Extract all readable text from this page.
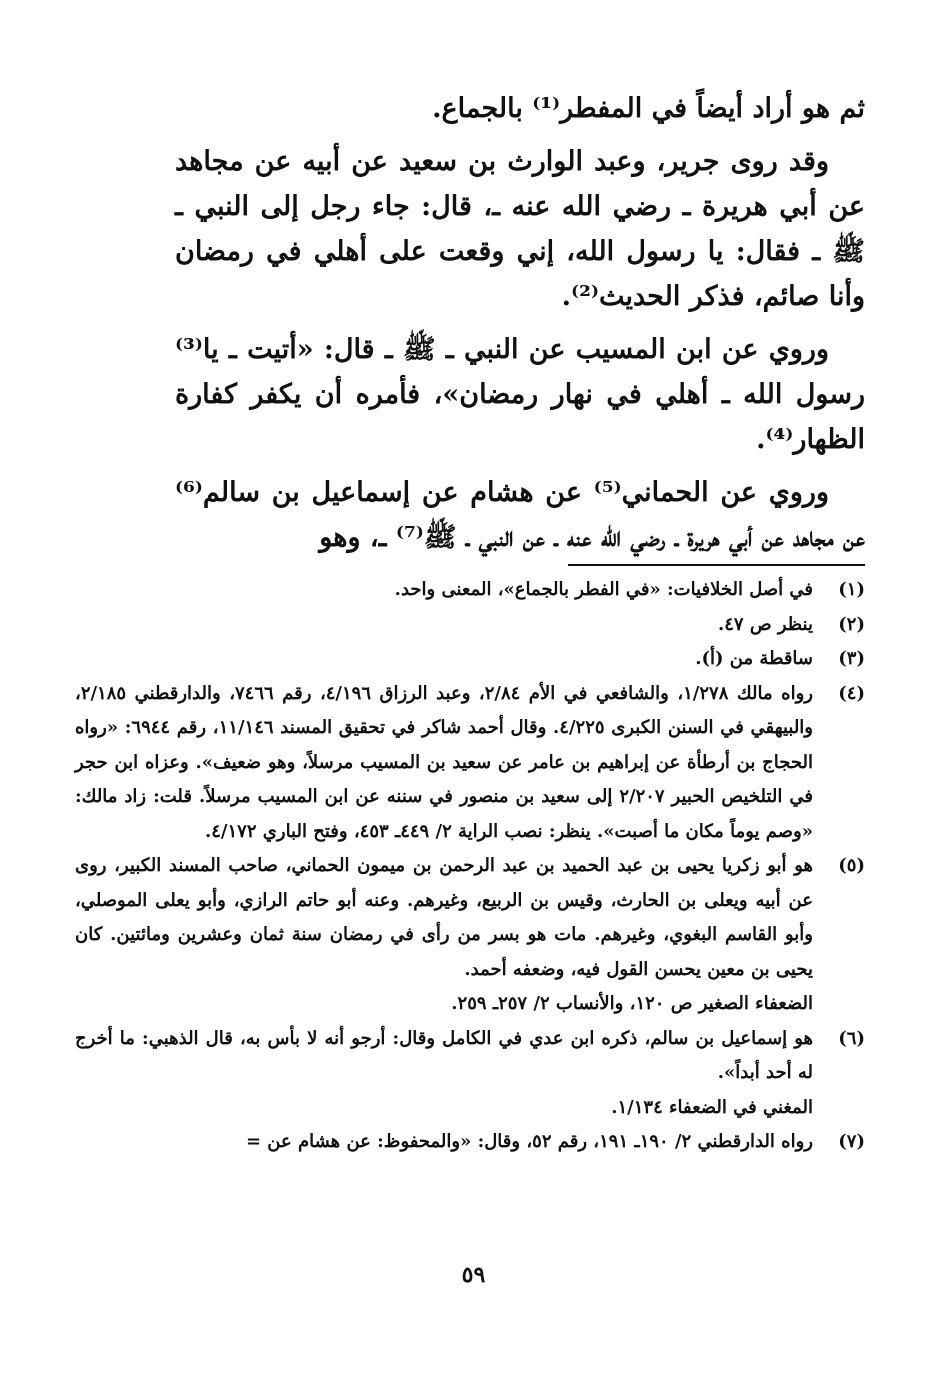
ثم هو أراد أيضاً في المفطر⁽¹⁾ بالجماع.

وقد روى جرير، وعبد الوارث بن سعيد عن أبيه عن مجاهد عن أبي هريرة ـ رضي الله عنه ـ، قال: جاء رجل إلى النبي ـ ﷺ ـ فقال: يا رسول الله، إني وقعت على أهلي في رمضان وأنا صائم، فذكر الحديث⁽²⁾.

وروي عن ابن المسيب عن النبي ـ ﷺ ـ قال: «أتيت ـ يا⁽³⁾ رسول الله ـ أهلي في نهار رمضان»، فأمره أن يكفر كفارة الظهار⁽⁴⁾.

وروي عن الحماني⁽⁵⁾ عن هشام عن إسماعيل بن سالم⁽⁶⁾ عن مجاهد عن أبي هريرة ـ رضي الله عنه ـ عن النبي ـ ﷺ⁽⁷⁾ ـ، وهو

(١)
في أصل الخلافيات: «في الفطر بالجماع»، المعنى واحد.
(٢)
ينظر ص ٤٧.
(٣)
ساقطة من (أ).
(٤)
رواه مالك ١/٢٧٨، والشافعي في الأم ٢/٨٤، وعبد الرزاق ٤/١٩٦، رقم ٧٤٦٦، والدارقطني ٢/١٨٥، والبيهقي في السنن الكبرى ٤/٢٢٥. وقال أحمد شاكر في تحقيق المسند ١١/١٤٦، رقم ٦٩٤٤: «رواه الحجاج بن أرطأة عن إبراهيم بن عامر عن سعيد بن المسيب مرسلاً، وهو ضعيف». وعزاه ابن حجر في التلخيص الحبير ٢/٢٠٧ إلى سعيد بن منصور في سننه عن ابن المسيب مرسلاً. قلت: زاد مالك: «وصم يوماً مكان ما أصبت». ينظر: نصب الراية ٢/ ٤٤٩ـ ٤٥٣، وفتح الباري ٤/١٧٢.
(٥)
هو أبو زكريا يحيى بن عبد الحميد بن عبد الرحمن بن ميمون الحماني، صاحب المسند الكبير، روى عن أبيه ويعلى بن الحارث، وقيس بن الربيع، وغيرهم. وعنه أبو حاتم الرازي، وأبو يعلى الموصلي، وأبو القاسم البغوي، وغيرهم. مات هو بسر من رأى في رمضان سنة ثمان وعشرين ومائتين. كان يحيى بن معين يحسن القول فيه، وضعفه أحمد.
الضعفاء الصغير ص ١٢٠، والأنساب ٢/ ٢٥٧ـ ٢٥٩.
(٦)
هو إسماعيل بن سالم، ذكره ابن عدي في الكامل وقال: أرجو أنه لا بأس به، قال الذهبي: ما أخرج له أحد أبداً».
المغني في الضعفاء ١/١٣٤.
(٧)
رواه الدارقطني ٢/ ١٩٠ـ ١٩١، رقم ٥٢، وقال: «والمحفوظ: عن هشام عن =
٥٩
